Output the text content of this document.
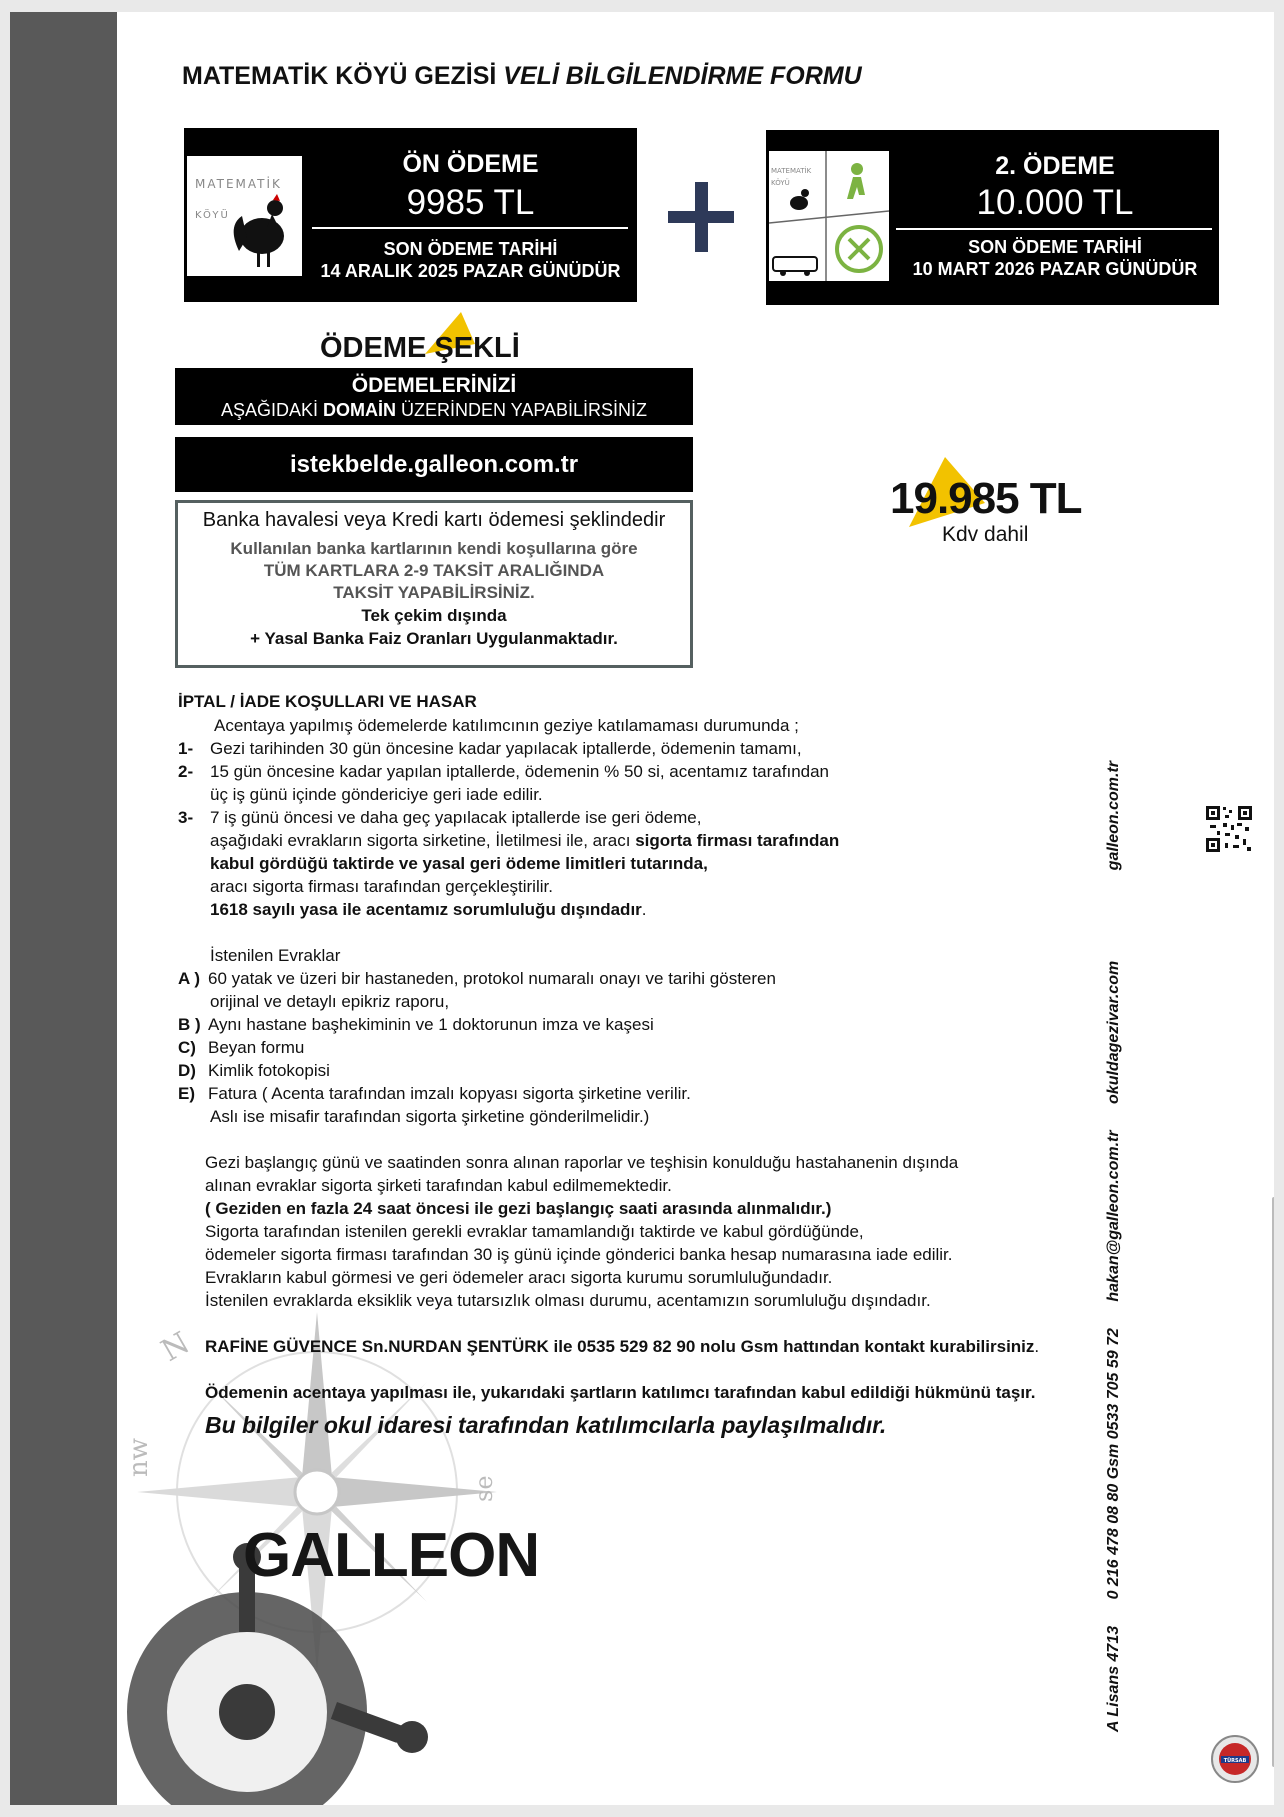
N
nw
se
MATEMATİK KÖYÜ GEZİSİ VELİ BİLGİLENDİRME FORMU
MATEMATİK
KÖYÜ
ÖN ÖDEME
9985 TL
SON ÖDEME TARİHİ
14 ARALIK 2025 PAZAR GÜNÜDÜR
MATEMATİK
KÖYÜ
2. ÖDEME
10.000 TL
SON ÖDEME TARİHİ
10 MART 2026 PAZAR GÜNÜDÜR
ÖDEME ŞEKLİ
ÖDEMELERİNİZİ
AŞAĞIDAKİ DOMAİN ÜZERİNDEN YAPABİLİRSİNİZ
istekbelde.galleon.com.tr
Banka havalesi veya Kredi kartı ödemesi şeklindedir
Kullanılan banka kartlarının kendi koşullarına göre
TÜM KARTLARA 2-9 TAKSİT ARALIĞINDA
TAKSİT YAPABİLİRSİNİZ.
Tek çekim dışında
+ Yasal Banka Faiz Oranları Uygulanmaktadır.
19.985 TL
Kdv dahil
İPTAL / İADE KOŞULLARI VE HASAR
Acentaya yapılmış ödemelerde katılımcının geziye katılamaması durumunda ;
1- Gezi tarihinden 30 gün öncesine kadar yapılacak iptallerde, ödemenin tamamı,
2- 15 gün öncesine kadar yapılan iptallerde, ödemenin % 50 si, acentamız tarafından
üç iş günü içinde göndericiye geri iade edilir.
3- 7 iş günü öncesi ve daha geç yapılacak iptallerde ise geri ödeme,
aşağıdaki evrakların sigorta sirketine, İletilmesi ile, aracı sigorta firması tarafından
kabul gördüğü taktirde ve yasal geri ödeme limitleri tutarında,
aracı sigorta firması tarafından gerçekleştirilir.
1618 sayılı yasa ile acentamız sorumluluğu dışındadır.
İstenilen Evraklar
A ) 60 yatak ve üzeri bir hastaneden, protokol numaralı onayı ve tarihi gösteren
orijinal ve detaylı epikriz raporu,
B ) Aynı hastane başhekiminin ve 1 doktorunun imza ve kaşesi
C) Beyan formu
D) Kimlik fotokopisi
E) Fatura ( Acenta tarafından imzalı kopyası sigorta şirketine verilir.
Aslı ise misafir tarafından sigorta şirketine gönderilmelidir.)
Gezi başlangıç günü ve saatinden sonra alınan raporlar ve teşhisin konulduğu hastahanenin dışında
alınan evraklar sigorta şirketi tarafından kabul edilmemektedir.
( Geziden en fazla 24 saat öncesi ile gezi başlangıç saati arasında alınmalıdır.)
Sigorta tarafından istenilen gerekli evraklar tamamlandığı taktirde ve kabul gördüğünde,
ödemeler sigorta firması tarafından 30 iş günü içinde gönderici banka hesap numarasına iade edilir.
Evrakların kabul görmesi ve geri ödemeler aracı sigorta kurumu sorumluluğundadır.
İstenilen evraklarda eksiklik veya tutarsızlık olması durumu, acentamızın sorumluluğu dışındadır.
RAFİNE GÜVENCE Sn.NURDAN ŞENTÜRK ile 0535 529 82 90 nolu Gsm hattından kontakt kurabilirsiniz.
Ödemenin acentaya yapılması ile, yukarıdaki şartların katılımcı tarafından kabul edildiği hükmünü taşır.
Bu bilgiler okul idaresi tarafından katılımcılarla paylaşılmalıdır.
GALLEON
A Lisans 4713 0 216 478 08 80 Gsm 0533 705 59 72 hakan@galleon.com.tr okuldagezivar.com galleon.com.tr
TÜRSAB
